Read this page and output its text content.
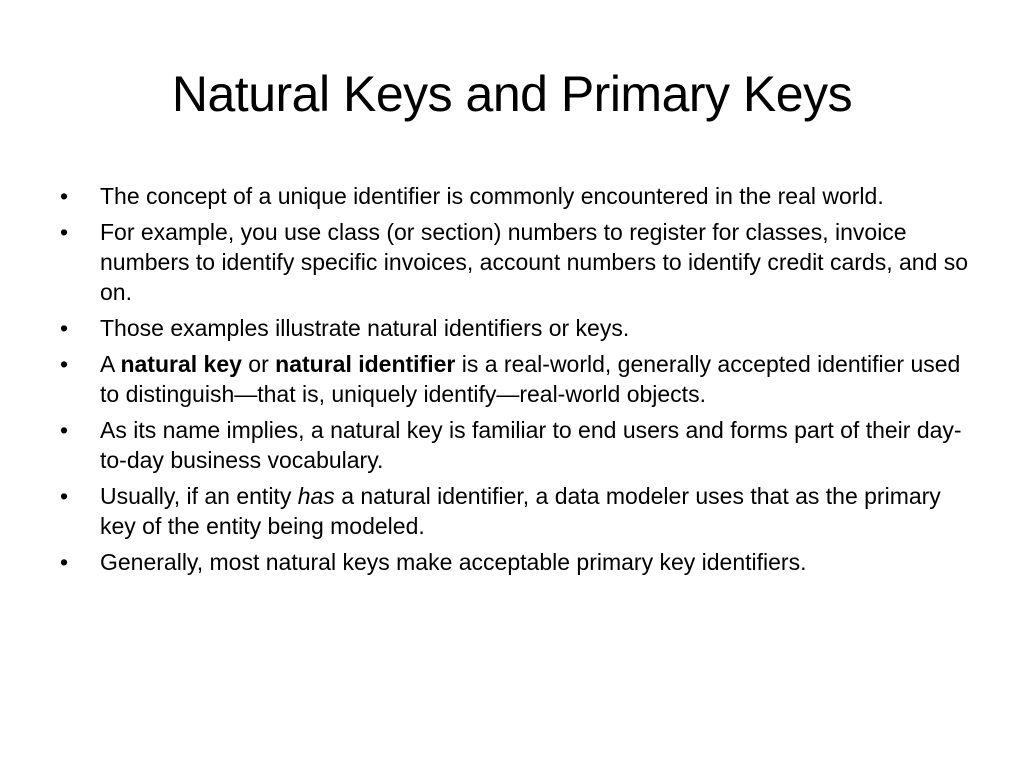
Natural Keys and Primary Keys
•	The concept of a unique identifier is commonly encountered in the real world.
•	For example, you use class (or section) numbers to register for classes, invoice numbers to identify specific invoices, account numbers to identify credit cards, and so on.
•	Those examples illustrate natural identifiers or keys.
•	A natural key or natural identifier is a real-world, generally accepted identifier used to distinguish—that is, uniquely identify—real-world objects.
•	As its name implies, a natural key is familiar to end users and forms part of their day-to-day business vocabulary.
•	Usually, if an entity has a natural identifier, a data modeler uses that as the primary key of the entity being modeled.
•	Generally, most natural keys make acceptable primary key identifiers.
